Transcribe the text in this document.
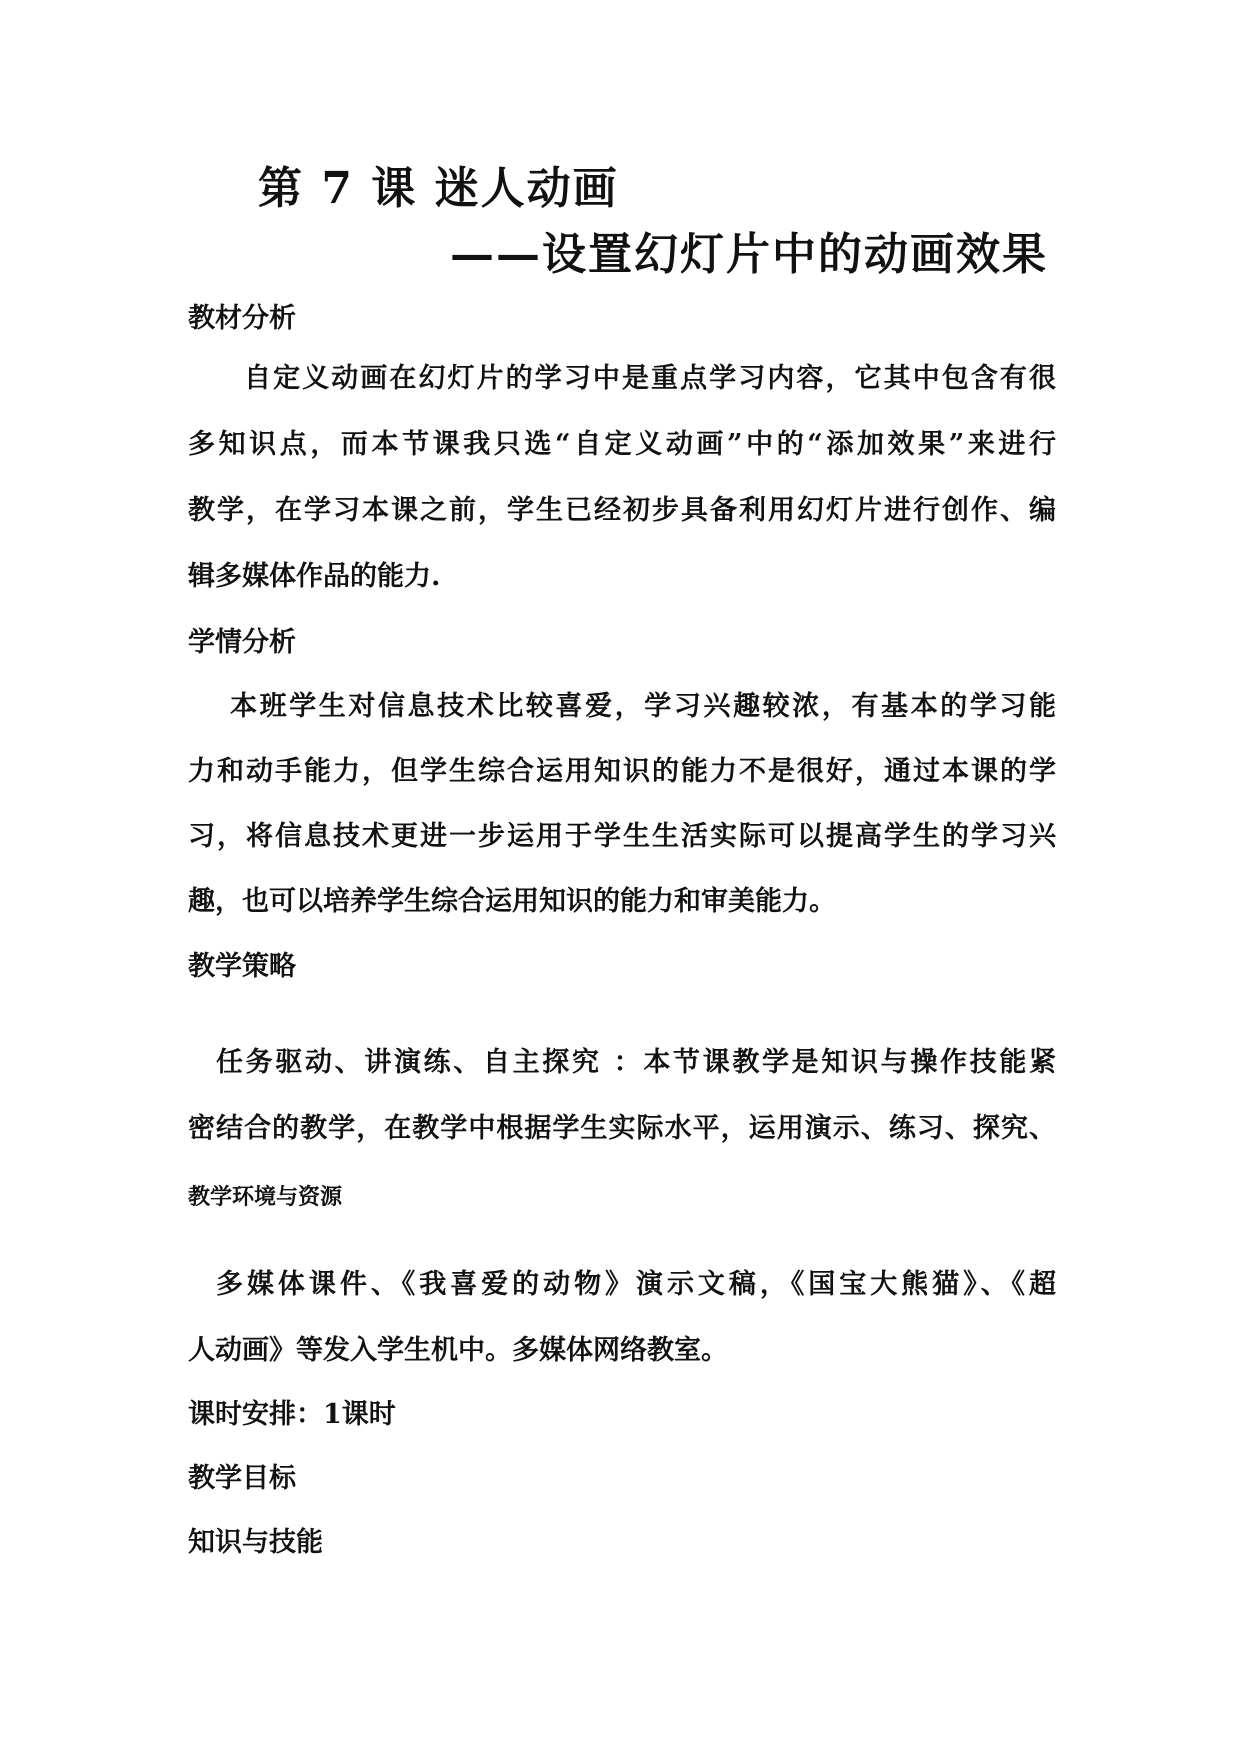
第 7 课 迷人动画
——设置幻灯片中的动画效果
教材分析
自定义动画在幻灯片的学习中是重点学习内容，它其中包含有很
多知识点，而本节课我只选“自定义动画”中的“添加效果”来进行
教学，在学习本课之前，学生已经初步具备利用幻灯片进行创作、编
辑多媒体作品的能力.
学情分析
本班学生对信息技术比较喜爱，学习兴趣较浓，有基本的学习能
力和动手能力，但学生综合运用知识的能力不是很好，通过本课的学
习，将信息技术更进一步运用于学生生活实际可以提高学生的学习兴
趣，也可以培养学生综合运用知识的能力和审美能力。
教学策略
任务驱动、讲演练、自主探究 ：本节课教学是知识与操作技能紧
密结合的教学，在教学中根据学生实际水平，运用演示、练习、探究、
教学环境与资源
多媒体课件、《我喜爱的动物》演示文稿，《国宝大熊猫》、《超
人动画》等发入学生机中。多媒体网络教室。
课时安排：1课时
教学目标
知识与技能
